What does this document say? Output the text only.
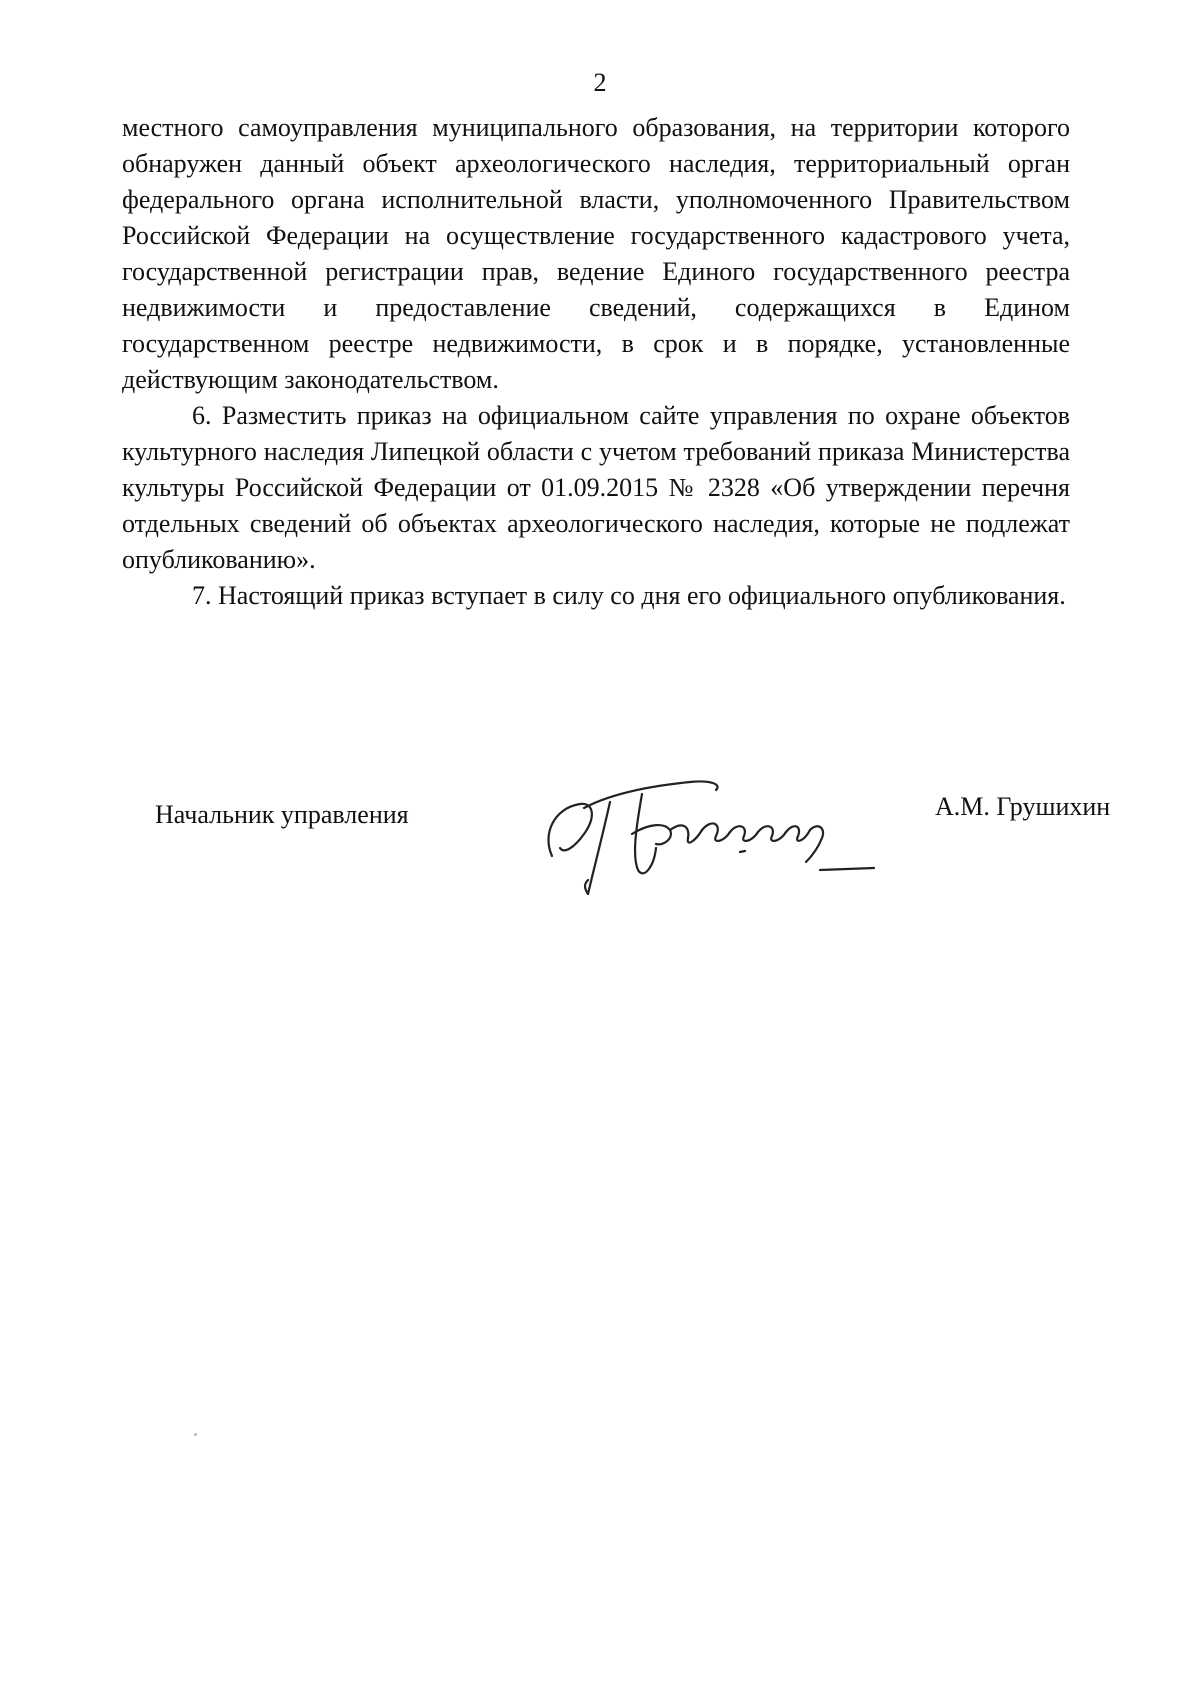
2

местного самоуправления муниципального образования, на территории которого обнаружен данный объект археологического наследия, территориальный орган федерального органа исполнительной власти, уполномоченного Правительством Российской Федерации на осуществление государственного кадастрового учета, государственной регистрации прав, ведение Единого государственного реестра недвижимости и предоставление сведений, содержащихся в Едином государственном реестре недвижимости, в срок и в порядке, установленные действующим законодательством.

6. Разместить приказ на официальном сайте управления по охране объектов культурного наследия Липецкой области с учетом требований приказа Министерства культуры Российской Федерации от 01.09.2015 № 2328 «Об утверждении перечня отдельных сведений об объектах археологического наследия, которые не подлежат опубликованию».

7. Настоящий приказ вступает в силу со дня его официального опубликования.

Начальник управления	А.М. Грушихин
